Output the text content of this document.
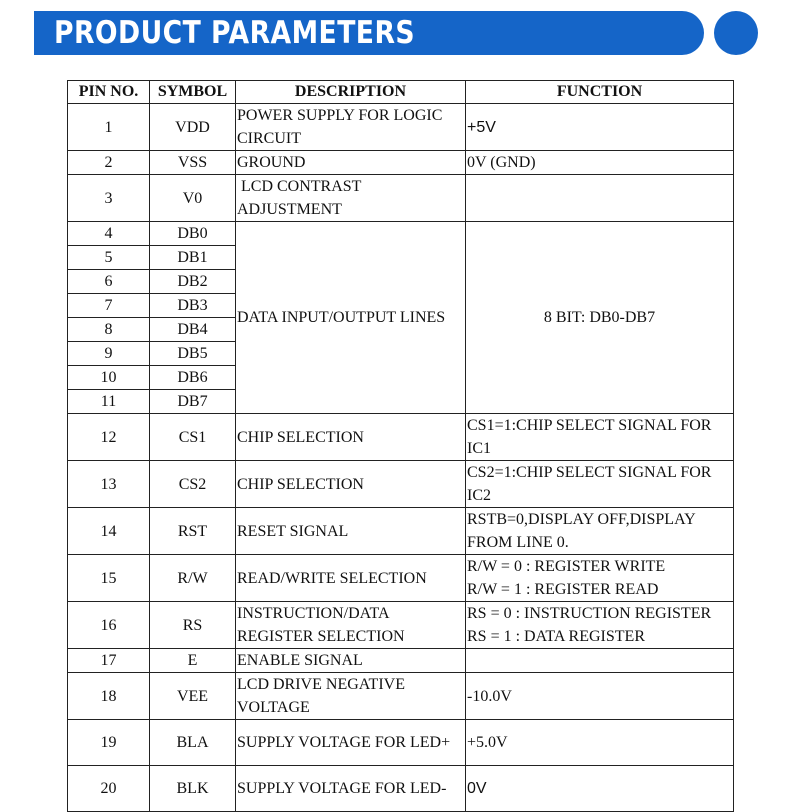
PRODUCT PARAMETERS
PIN NO.	SYMBOL	DESCRIPTION	FUNCTION
1	VDD	POWER SUPPLY FOR LOGIC CIRCUIT	+5V
2	VSS	GROUND	0V (GND)
3	V0	LCD CONTRAST ADJUSTMENT	
4	DB0	DATA INPUT/OUTPUT LINES	8 BIT: DB0-DB7
5	DB1		
6	DB2		
7	DB3		
8	DB4		
9	DB5		
10	DB6		
11	DB7		
12	CS1	CHIP SELECTION	CS1=1:CHIP SELECT SIGNAL FOR IC1
13	CS2	CHIP SELECTION	CS2=1:CHIP SELECT SIGNAL FOR IC2
14	RST	RESET SIGNAL	RSTB=0,DISPLAY OFF,DISPLAY FROM LINE 0.
15	R/W	READ/WRITE SELECTION	R/W = 0 : REGISTER WRITE
R/W = 1 : REGISTER READ
16	RS	INSTRUCTION/DATA REGISTER SELECTION	RS = 0 : INSTRUCTION REGISTER
RS = 1 : DATA REGISTER
17	E	ENABLE SIGNAL	
18	VEE	LCD DRIVE NEGATIVE VOLTAGE	-10.0V
19	BLA	SUPPLY VOLTAGE FOR LED+	+5.0V
20	BLK	SUPPLY VOLTAGE FOR LED-	0V
